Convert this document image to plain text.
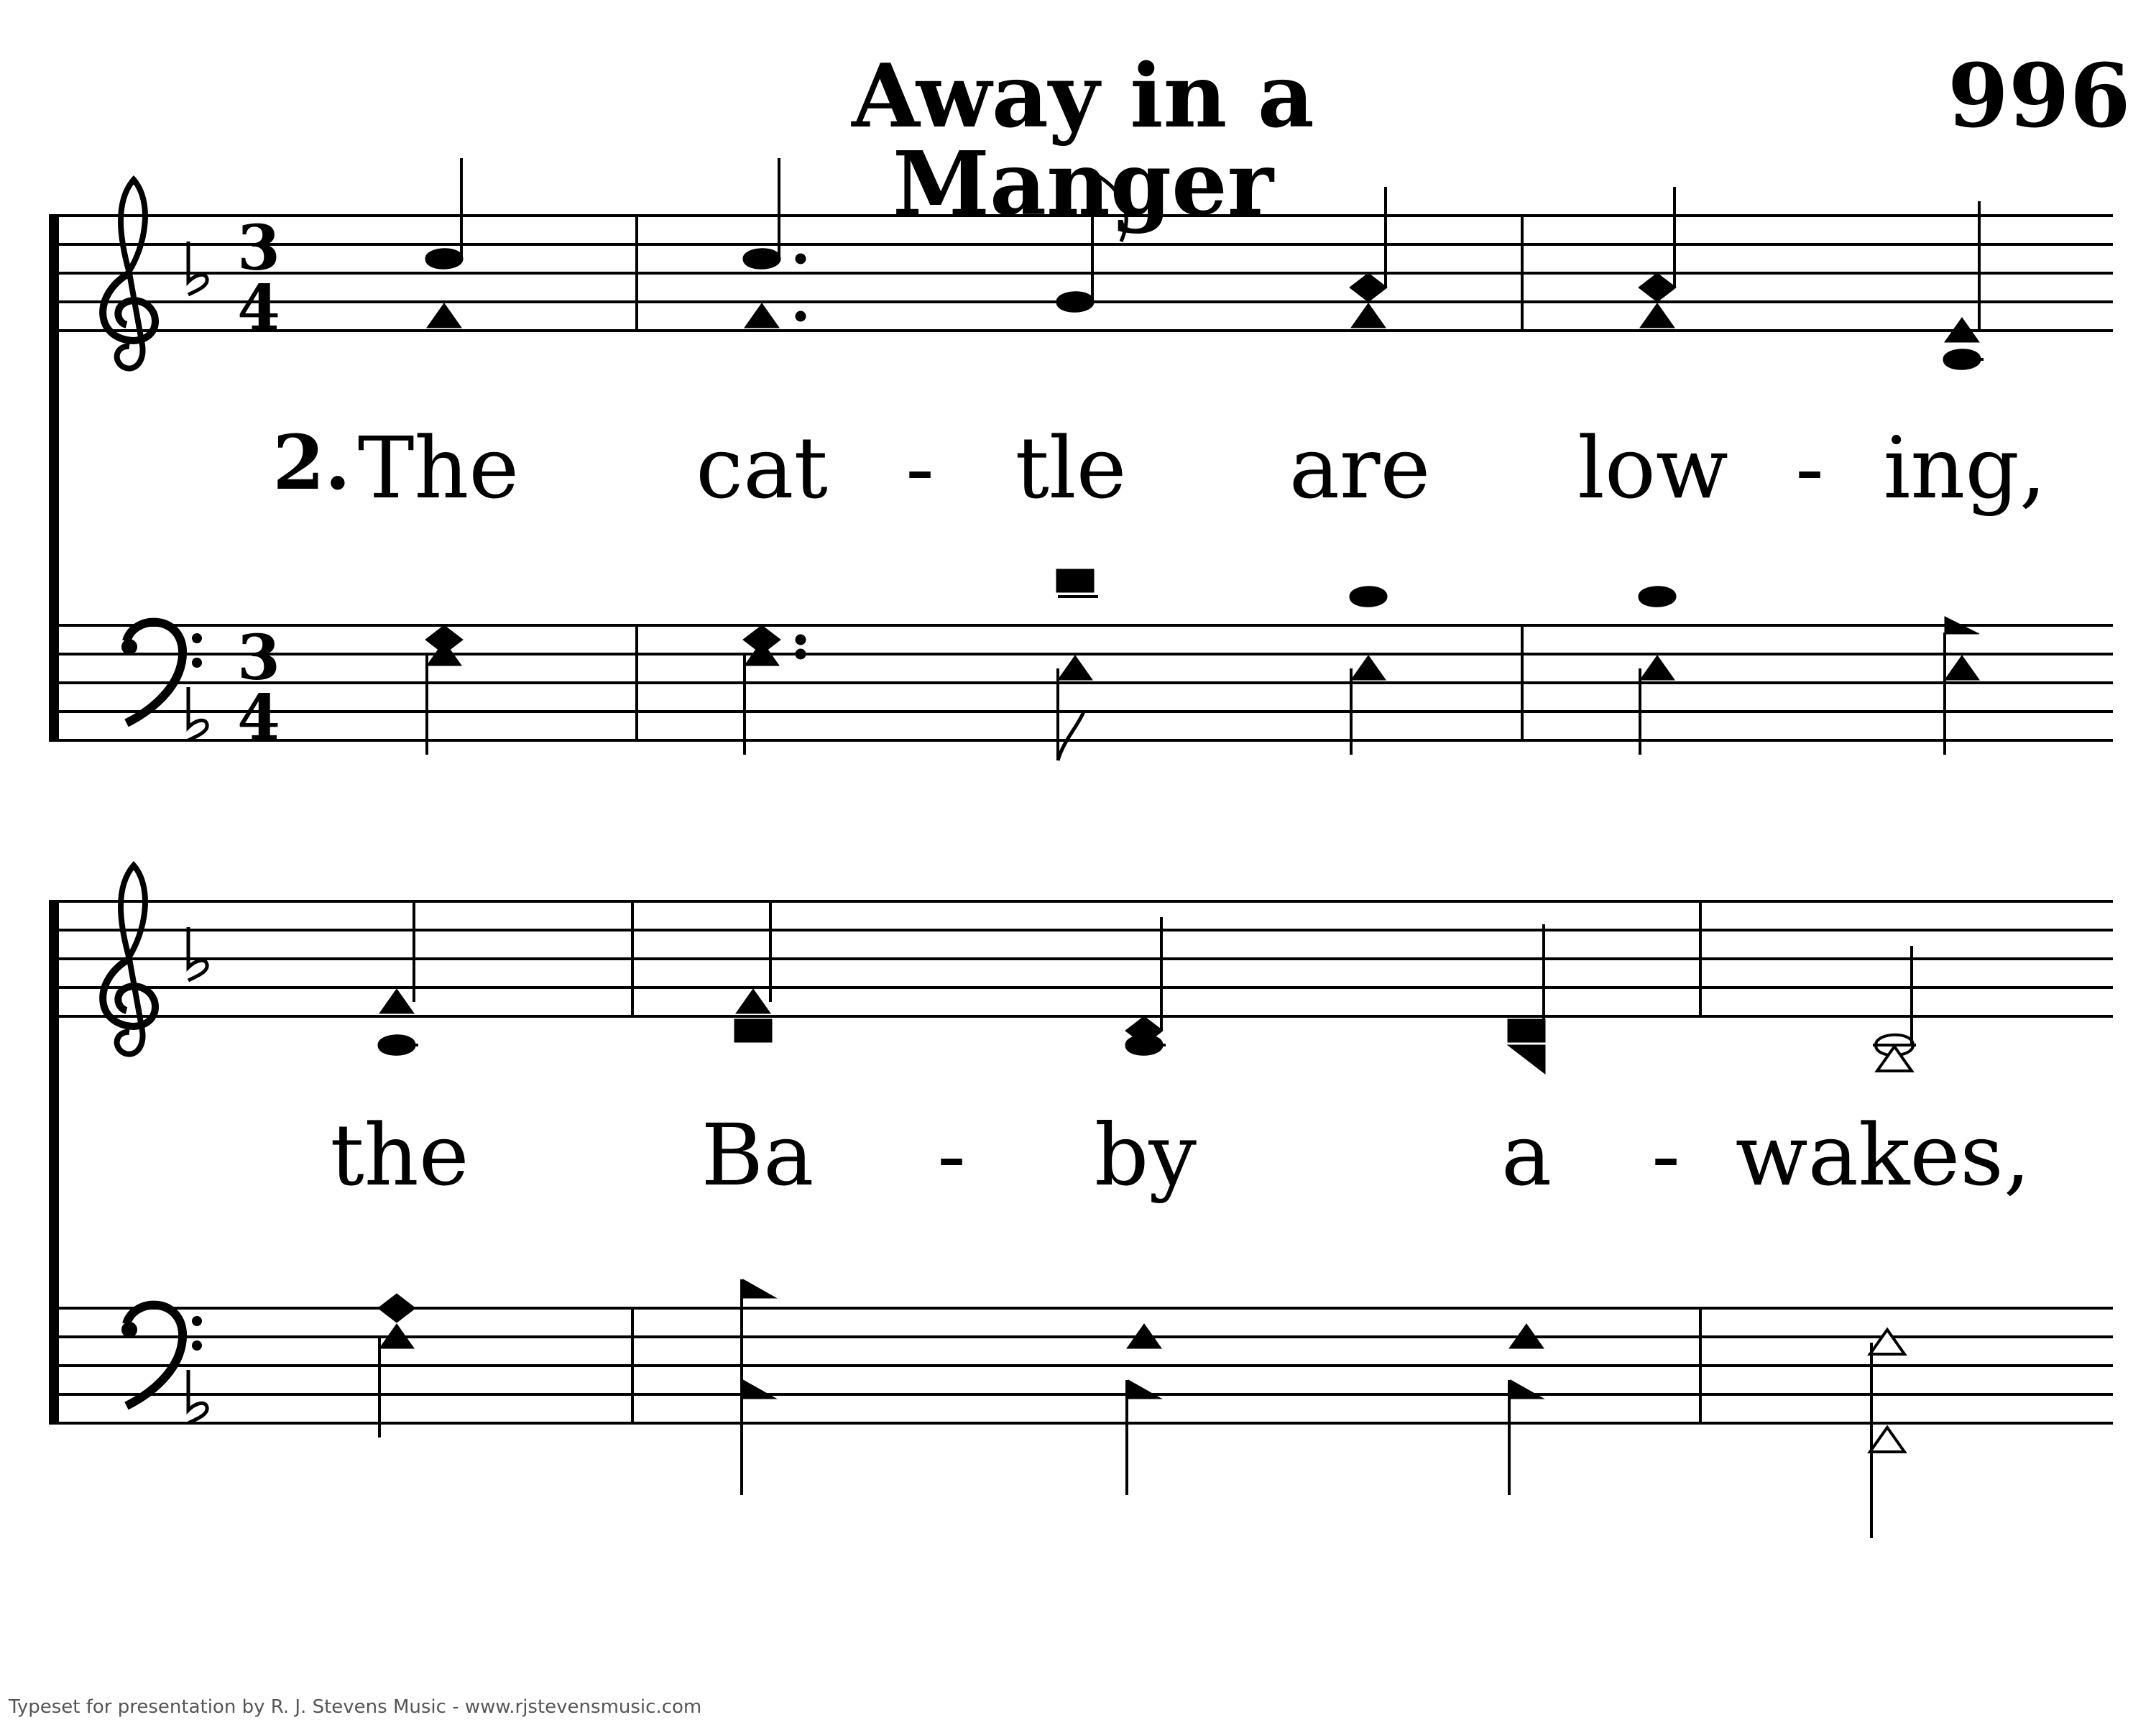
3
4
3
4
Away in a Manger
996
2. The cat - tle are low - ing,
the	Ba - by	a - wakes,
Typeset for presentation by R. J. Stevens Music - www.rjstevensmusic.com
